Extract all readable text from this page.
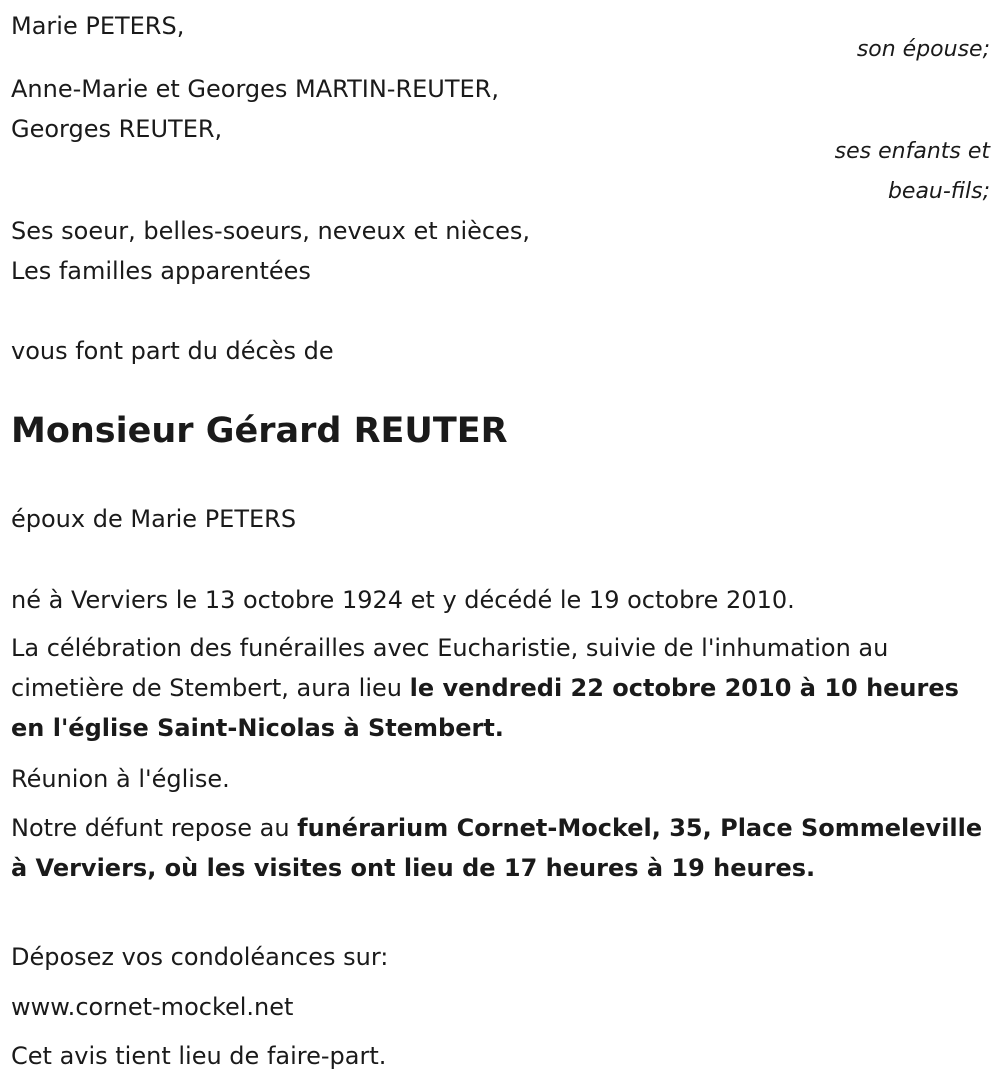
Marie PETERS,

son épouse;

Anne-Marie et Georges MARTIN-REUTER,

Georges REUTER,

ses enfants et

beau-fils;

Ses soeur, belles-soeurs, neveux et nièces,

Les familles apparentées

vous font part du décès de

Monsieur Gérard REUTER

époux de Marie PETERS

né à Verviers le 13 octobre 1924 et y décédé le 19 octobre 2010.

La célébration des funérailles avec Eucharistie, suivie de l'inhumation au cimetière de Stembert, aura lieu le vendredi 22 octobre 2010 à 10 heures en l'église Saint-Nicolas à Stembert.

Réunion à l'église.

Notre défunt repose au funérarium Cornet-Mockel, 35, Place Sommeleville à Verviers, où les visites ont lieu de 17 heures à 19 heures.

Déposez vos condoléances sur:

www.cornet-mockel.net

Cet avis tient lieu de faire-part.
